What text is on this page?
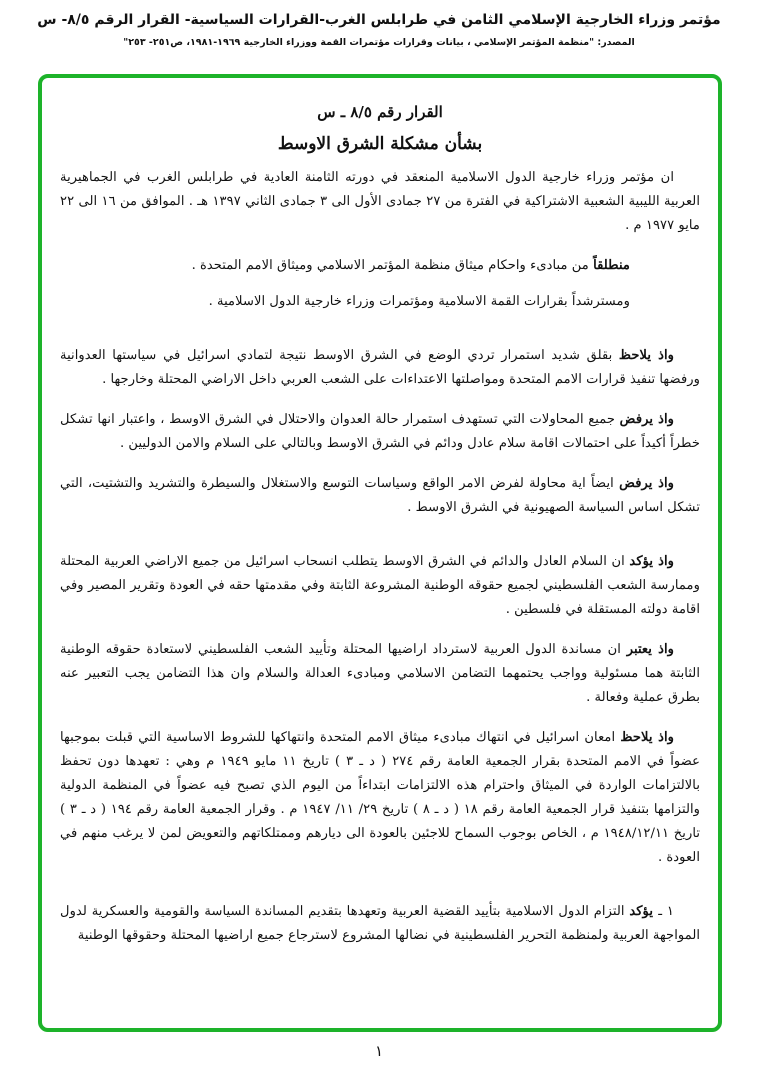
مؤتمر وزراء الخارجية الإسلامي الثامن في طرابلس الغرب-القرارات السياسية- القرار الرقم ٨/٥- س
المصدر: "منظمة المؤتمر الإسلامي ، بيانات وقرارات مؤتمرات القمة ووزراء الخارجية ١٩٦٩-١٩٨١، ص٢٥١- ٢٥٣"
القرار رقم ٨/٥ ـ س
بشأن مشكلة الشرق الاوسط

ان مؤتمر وزراء خارجية الدول الاسلامية المنعقد في دورته الثامنة العادية في طرابلس الغرب في الجماهيرية العربية الليبية الشعبية الاشتراكية في الفترة من ٢٧ جمادى الأول الى ٣ جمادى الثاني ١٣٩٧ هـ . الموافق من ١٦ الى ٢٢ مايو ١٩٧٧ م .

منطلقاً من مبادىء واحكام ميثاق منظمة المؤتمر الاسلامي وميثاق الامم المتحدة .

ومسترشداً بقرارات القمة الاسلامية ومؤتمرات وزراء خارجية الدول الاسلامية .

واذ يلاحظ بقلق شديد استمرار تردي الوضع في الشرق الاوسط نتيجة لتمادي اسرائيل في سياستها العدوانية ورفضها تنفيذ قرارات الامم المتحدة ومواصلتها الاعتداءات على الشعب العربي داخل الاراضي المحتلة وخارجها .

واذ يرفض جميع المحاولات التي تستهدف استمرار حالة العدوان والاحتلال في الشرق الاوسط ، واعتبار انها تشكل خطراً أكيداً على احتمالات اقامة سلام عادل ودائم في الشرق الاوسط وبالتالي على السلام والامن الدوليين .

واذ يرفض ايضاً اية محاولة لفرض الامر الواقع وسياسات التوسع والاستغلال والسيطرة والتشريد والتشتيت، التي تشكل اساس السياسة الصهيونية في الشرق الاوسط .

واذ يؤكد ان السلام العادل والدائم في الشرق الاوسط يتطلب انسحاب اسرائيل من جميع الاراضي العربية المحتلة وممارسة الشعب الفلسطيني لجميع حقوقه الوطنية المشروعة الثابتة وفي مقدمتها حقه في العودة وتقرير المصير وفي اقامة دولته المستقلة في فلسطين .

واذ يعتبر ان مساندة الدول العربية لاسترداد اراضيها المحتلة وتأييد الشعب الفلسطيني لاستعادة حقوقه الوطنية الثابتة هما مسئولية وواجب يحتمهما التضامن الاسلامي ومبادىء العدالة والسلام وان هذا التضامن يجب التعبير عنه بطرق عملية وفعالة .

واذ يلاحظ امعان اسرائيل في انتهاك مبادىء ميثاق الامم المتحدة وانتهاكها للشروط الاساسية التي قبلت بموجبها عضواً في الامم المتحدة بقرار الجمعية العامة رقم ٢٧٤ ( د ـ ٣ ) تاريخ ١١ مايو ١٩٤٩ م وهي : تعهدها دون تحفظ بالالتزامات الواردة في الميثاق واحترام هذه الالتزامات ابتداءاً من اليوم الذي تصبح فيه عضواً في المنظمة الدولية والتزامها بتنفيذ قرار الجمعية العامة رقم ١٨ ( د ـ ٨ ) تاريخ ٢٩/ ١١/ ١٩٤٧ م . وقرار الجمعية العامة رقم ١٩٤ ( د ـ ٣ ) تاريخ ١٩٤٨/١٢/١١ م ، الخاص بوجوب السماح للاجئين بالعودة الى ديارهم وممتلكاتهم والتعويض لمن لا يرغب منهم في العودة .

١ ـ يؤكد التزام الدول الاسلامية بتأييد القضية العربية وتعهدها بتقديم المساندة السياسة والقومية والعسكرية لدول المواجهة العربية ولمنظمة التحرير الفلسطينية في نضالها المشروع لاسترجاع جميع اراضيها المحتلة وحقوقها الوطنية

١
